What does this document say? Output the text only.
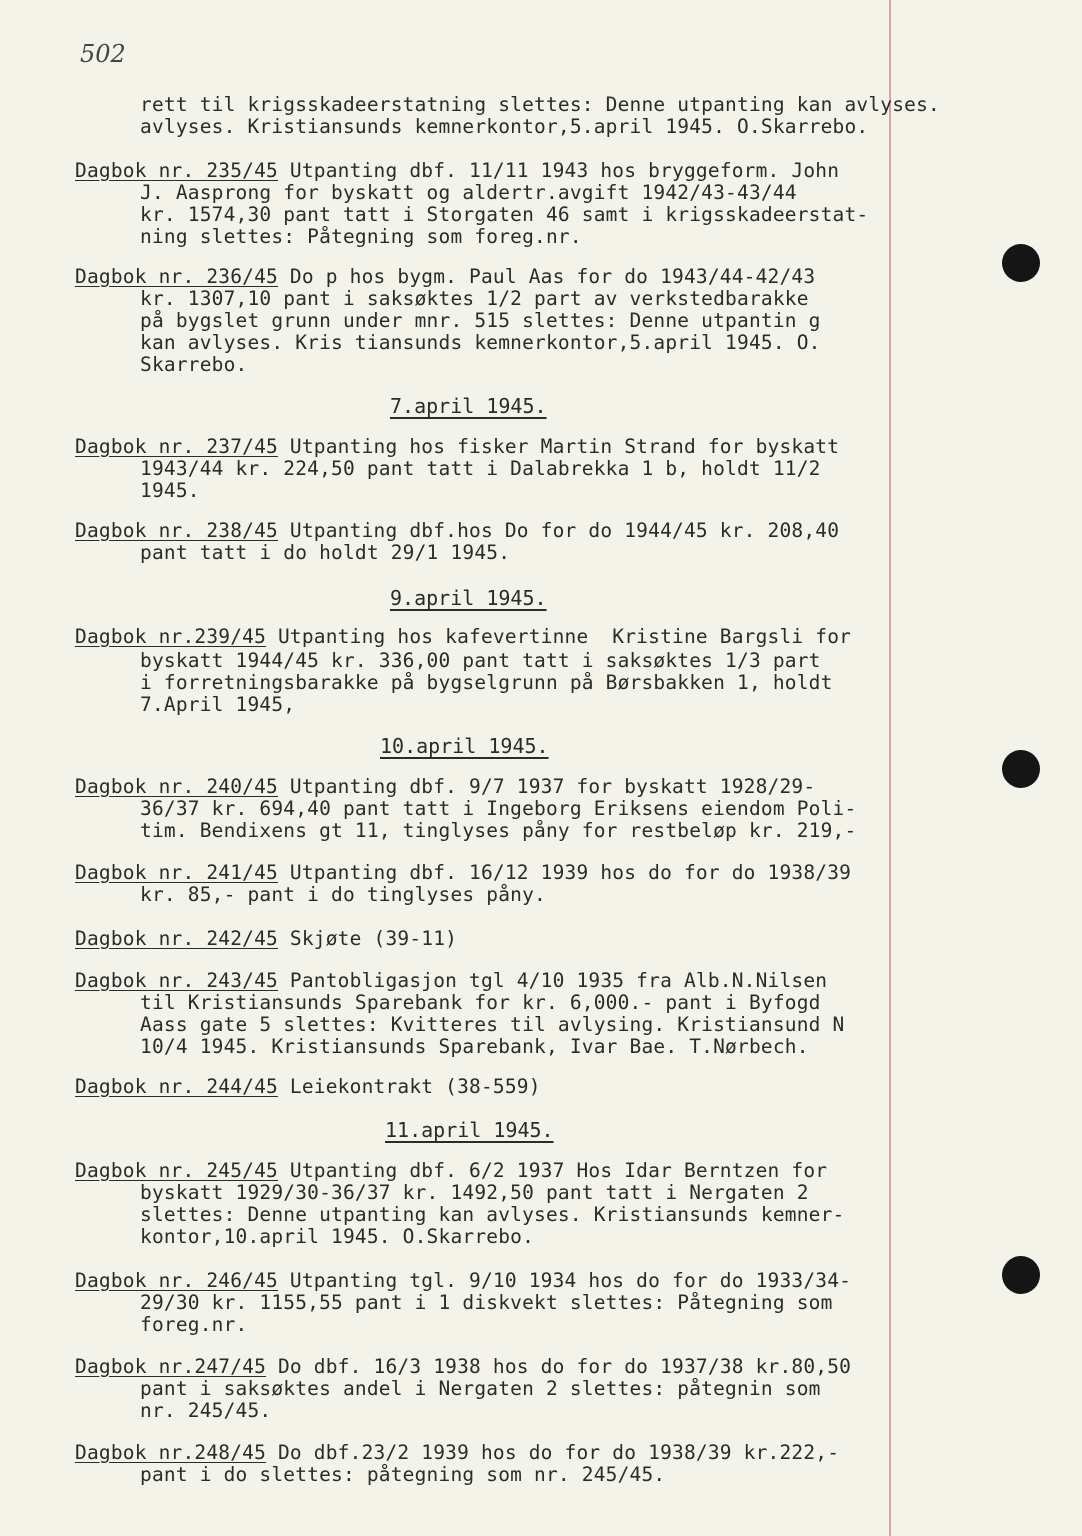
502
rett til krigsskadeerstatning slettes: Denne utpanting kan avlyses.
avlyses. Kristiansunds kemnerkontor,5.april 1945. O.Skarrebo.
Dagbok nr. 235/45 Utpanting dbf. 11/11 1943 hos bryggeform. John
J. Aasprong for byskatt og aldertr.avgift 1942/43-43/44
kr. 1574,30 pant tatt i Storgaten 46 samt i krigsskadeerstat-
ning slettes: Påtegning som foreg.nr.
Dagbok nr. 236/45 Do p hos bygm. Paul Aas for do 1943/44-42/43
kr. 1307,10 pant i saksøktes 1/2 part av verkstedbarakke
på bygslet grunn under mnr. 515 slettes: Denne utpantin g
kan avlyses. Kris tiansunds kemnerkontor,5.april 1945. O.
Skarrebo.
7.april 1945.
Dagbok nr. 237/45 Utpanting hos fisker Martin Strand for byskatt
1943/44 kr. 224,50 pant tatt i Dalabrekka 1 b, holdt 11/2
1945.
Dagbok nr. 238/45 Utpanting dbf.hos Do for do 1944/45 kr. 208,40
pant tatt i do holdt 29/1 1945.
9.april 1945.
Dagbok nr.239/45 Utpanting hos kafevertinne  Kristine Bargsli for
byskatt 1944/45 kr. 336,00 pant tatt i saksøktes 1/3 part
i forretningsbarakke på bygselgrunn på Børsbakken 1, holdt
7.April 1945,
10.april 1945.
Dagbok nr. 240/45 Utpanting dbf. 9/7 1937 for byskatt 1928/29-
36/37 kr. 694,40 pant tatt i Ingeborg Eriksens eiendom Poli-
tim. Bendixens gt 11, tinglyses påny for restbeløp kr. 219,-
Dagbok nr. 241/45 Utpanting dbf. 16/12 1939 hos do for do 1938/39
kr. 85,- pant i do tinglyses påny.
Dagbok nr. 242/45 Skjøte (39-11)
Dagbok nr. 243/45 Pantobligasjon tgl 4/10 1935 fra Alb.N.Nilsen
til Kristiansunds Sparebank for kr. 6,000.- pant i Byfogd
Aass gate 5 slettes: Kvitteres til avlysing. Kristiansund N
10/4 1945. Kristiansunds Sparebank, Ivar Bae. T.Nørbech.
Dagbok nr. 244/45 Leiekontrakt (38-559)
11.april 1945.
Dagbok nr. 245/45 Utpanting dbf. 6/2 1937 Hos Idar Berntzen for
byskatt 1929/30-36/37 kr. 1492,50 pant tatt i Nergaten 2
slettes: Denne utpanting kan avlyses. Kristiansunds kemner-
kontor,10.april 1945. O.Skarrebo.
Dagbok nr. 246/45 Utpanting tgl. 9/10 1934 hos do for do 1933/34-
29/30 kr. 1155,55 pant i 1 diskvekt slettes: Påtegning som
foreg.nr.
Dagbok nr.247/45 Do dbf. 16/3 1938 hos do for do 1937/38 kr.80,50
pant i saksøktes andel i Nergaten 2 slettes: påtegnin som
nr. 245/45.
Dagbok nr.248/45 Do dbf.23/2 1939 hos do for do 1938/39 kr.222,-
pant i do slettes: påtegning som nr. 245/45.
